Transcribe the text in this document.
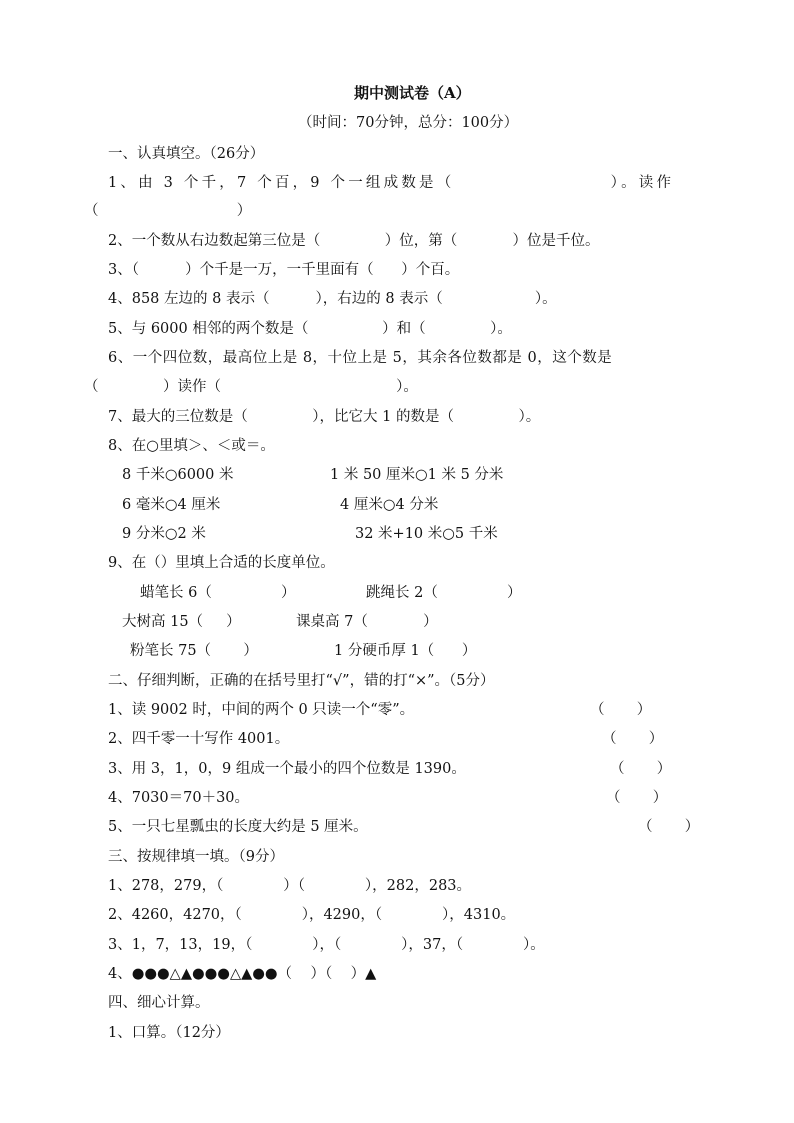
期中测试卷（A）
（时间：70分钟，总分：100分）
一、认真填空。（26分）
1、由 3 个千，7 个百，9 个一组成数是（                    ）。读作
（                              ）
2、一个数从右边数起第三位是（              ）位，第（            ）位是千位。
3、（          ）个千是一万，一千里面有（      ）个百。
4、858 左边的 8 表示（          ），右边的 8 表示（                    ）。
5、与 6000 相邻的两个数是（                ）和（              ）。
6、一个四位数，最高位上是 8，十位上是 5，其余各位数都是 0，这个数是
（              ）读作（                                      ）。
7、最大的三位数是（              ），比它大 1 的数是（              ）。
8、在○里填＞、＜或＝。
8 千米○6000 米	1 米 50 厘米○1 米 5 分米
6 毫米○4 厘米	4 厘米○4 分米
9 分米○2 米	32 米+10 米○5 千米
9、在（）里填上合适的长度单位。
蜡笔长 6（               ）	跳绳长 2（               ）
大树高 15（     ）	课桌高 7（            ）
粉笔长 75（       ）	1 分硬币厚 1（      ）
二、仔细判断，正确的在括号里打“√”，错的打“×”。（5分）
1、读 9002 时，中间的两个 0 只读一个“零”。	（       ）
2、四千零一十写作 4001。	（       ）
3、用 3，1，0，9 组成一个最小的四个位数是 1390。	（       ）
4、7030＝70＋30。	（       ）
5、一只七星瓢虫的长度大约是 5 厘米。	（       ）
三、按规律填一填。（9分）
1、278，279，（             ）（             ），282，283。
2、4260，4270，（             ），4290，（             ），4310。
3、1，7，13，19，（             ），（             ），37，（             ）。
4、●●●△▲●●●△▲●●（    ）（    ）▲
四、细心计算。
1、口算。（12分）
